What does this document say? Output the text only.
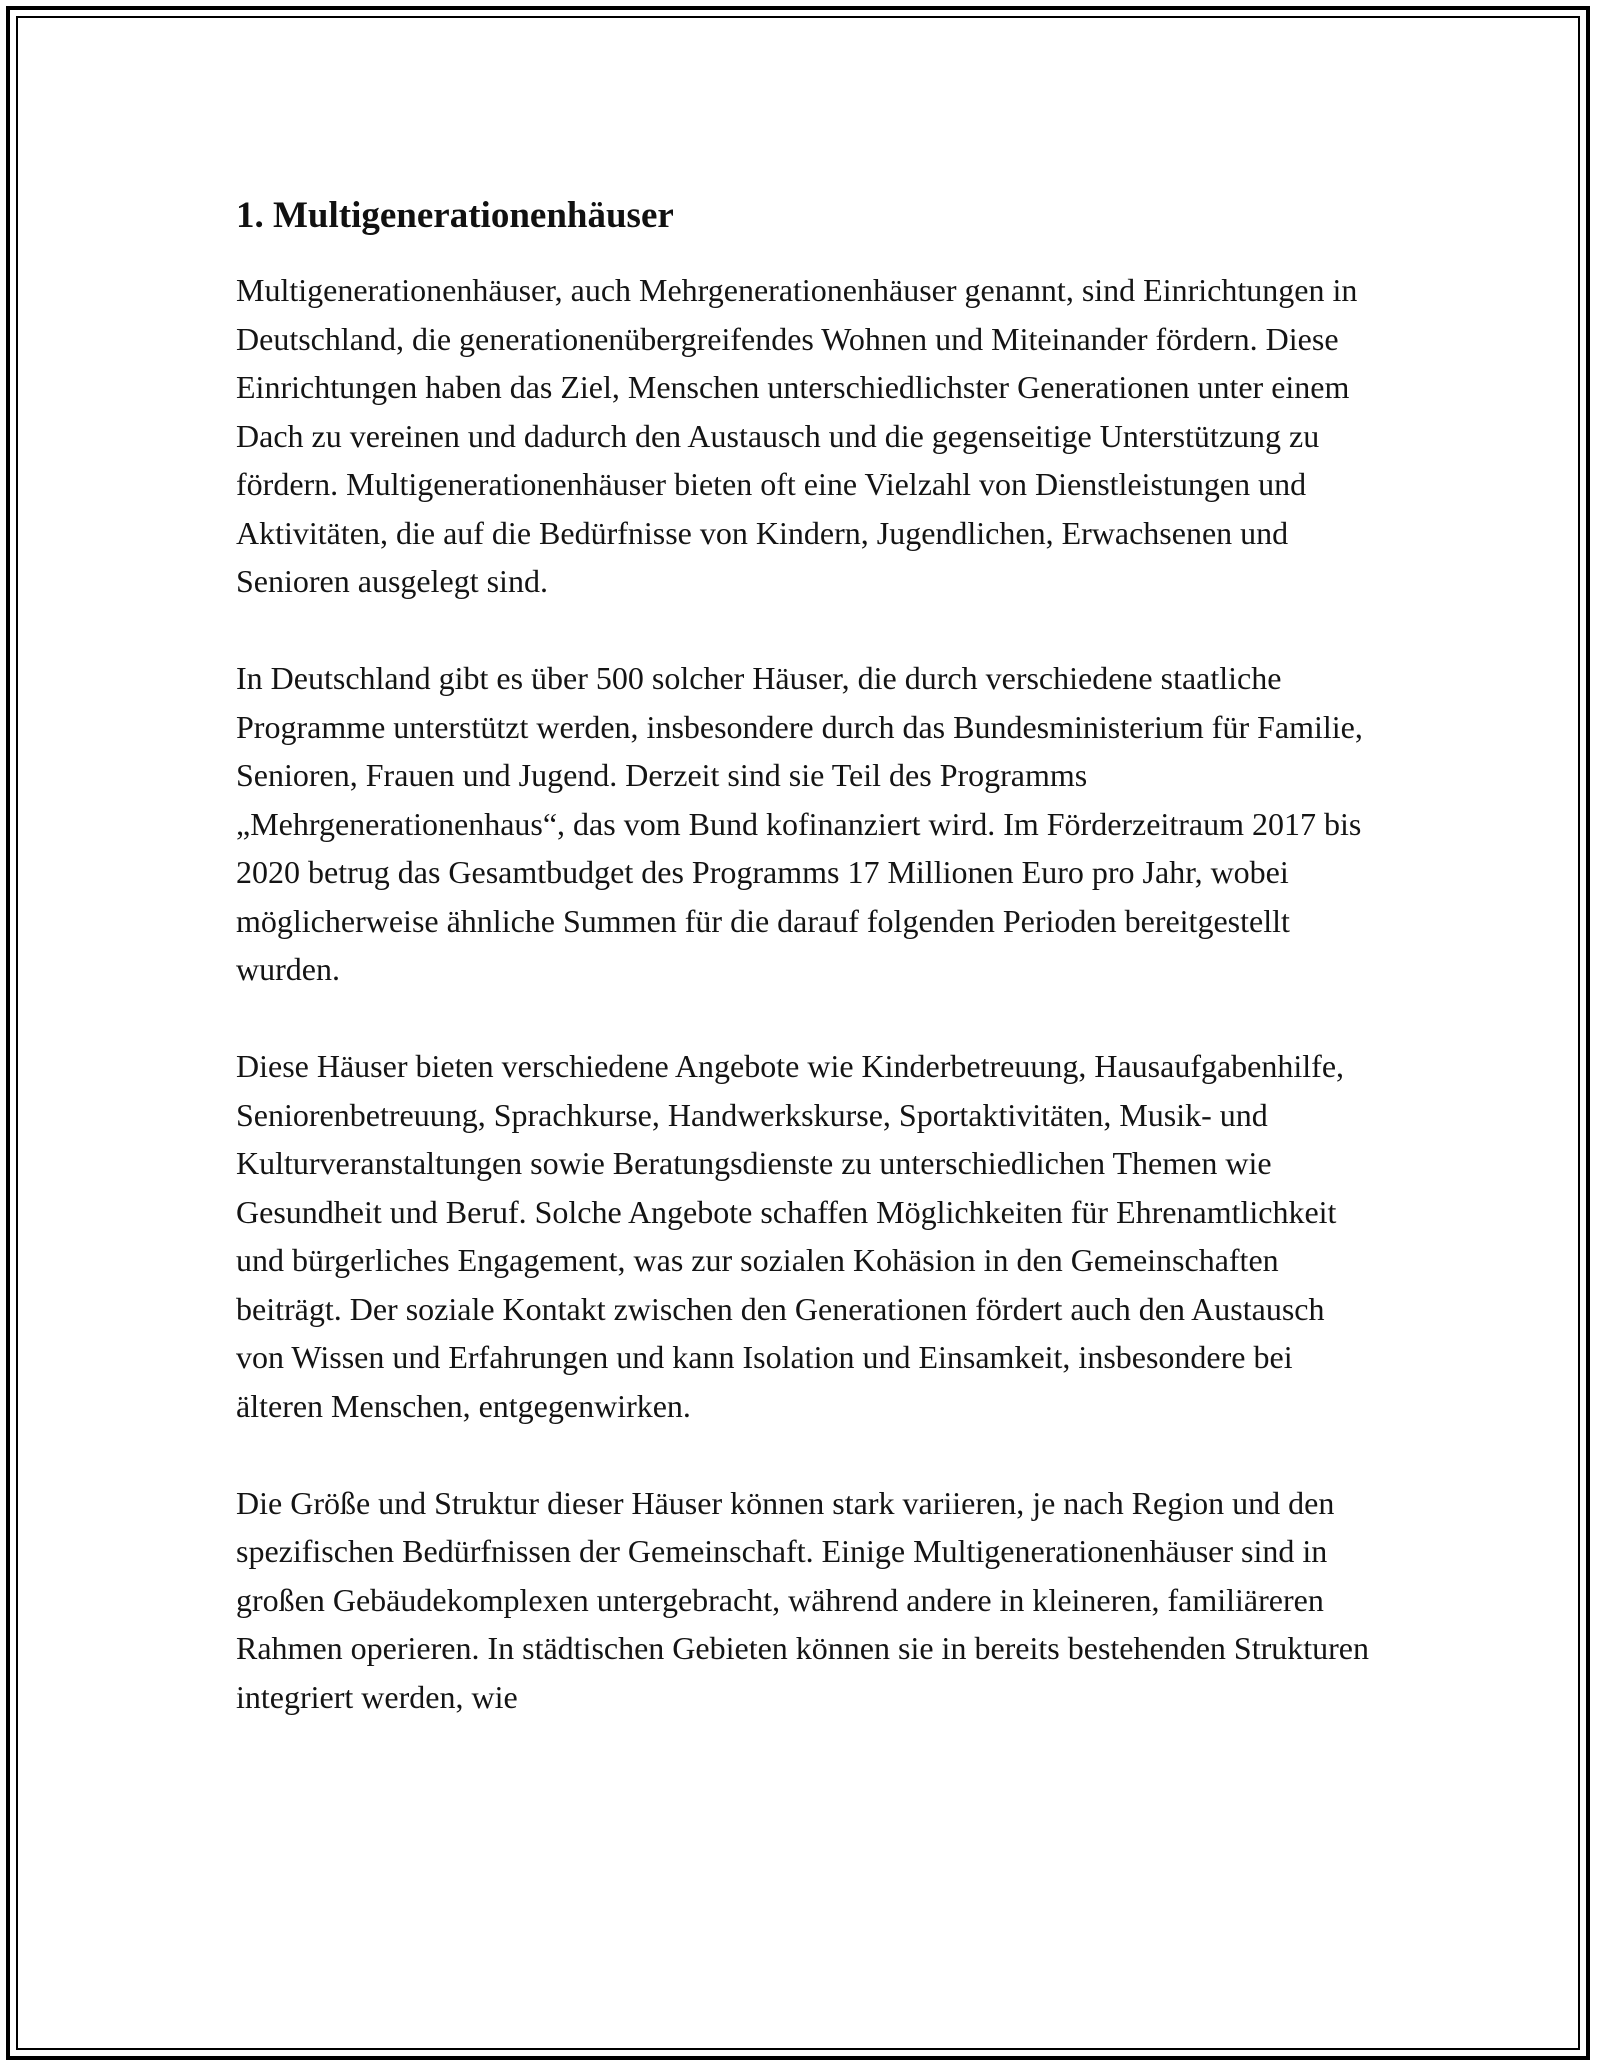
1. Multigenerationenhäuser

Multigenerationenhäuser, auch Mehrgenerationenhäuser genannt, sind Einrichtungen in Deutschland, die generationenübergreifendes Wohnen und Miteinander fördern. Diese Einrichtungen haben das Ziel, Menschen unterschiedlichster Generationen unter einem Dach zu vereinen und dadurch den Austausch und die gegenseitige Unterstützung zu fördern. Multigenerationenhäuser bieten oft eine Vielzahl von Dienstleistungen und Aktivitäten, die auf die Bedürfnisse von Kindern, Jugendlichen, Erwachsenen und Senioren ausgelegt sind.

In Deutschland gibt es über 500 solcher Häuser, die durch verschiedene staatliche Programme unterstützt werden, insbesondere durch das Bundesministerium für Familie, Senioren, Frauen und Jugend. Derzeit sind sie Teil des Programms „Mehrgenerationenhaus“, das vom Bund kofinanziert wird. Im Förderzeitraum 2017 bis 2020 betrug das Gesamtbudget des Programms 17 Millionen Euro pro Jahr, wobei möglicherweise ähnliche Summen für die darauf folgenden Perioden bereitgestellt wurden.

Diese Häuser bieten verschiedene Angebote wie Kinderbetreuung, Hausaufgabenhilfe, Seniorenbetreuung, Sprachkurse, Handwerkskurse, Sportaktivitäten, Musik- und Kulturveranstaltungen sowie Beratungsdienste zu unterschiedlichen Themen wie Gesundheit und Beruf. Solche Angebote schaffen Möglichkeiten für Ehrenamtlichkeit und bürgerliches Engagement, was zur sozialen Kohäsion in den Gemeinschaften beiträgt. Der soziale Kontakt zwischen den Generationen fördert auch den Austausch von Wissen und Erfahrungen und kann Isolation und Einsamkeit, insbesondere bei älteren Menschen, entgegenwirken.

Die Größe und Struktur dieser Häuser können stark variieren, je nach Region und den spezifischen Bedürfnissen der Gemeinschaft. Einige Multigenerationenhäuser sind in großen Gebäudekomplexen untergebracht, während andere in kleineren, familiäreren Rahmen operieren. In städtischen Gebieten können sie in bereits bestehenden Strukturen integriert werden, wie
